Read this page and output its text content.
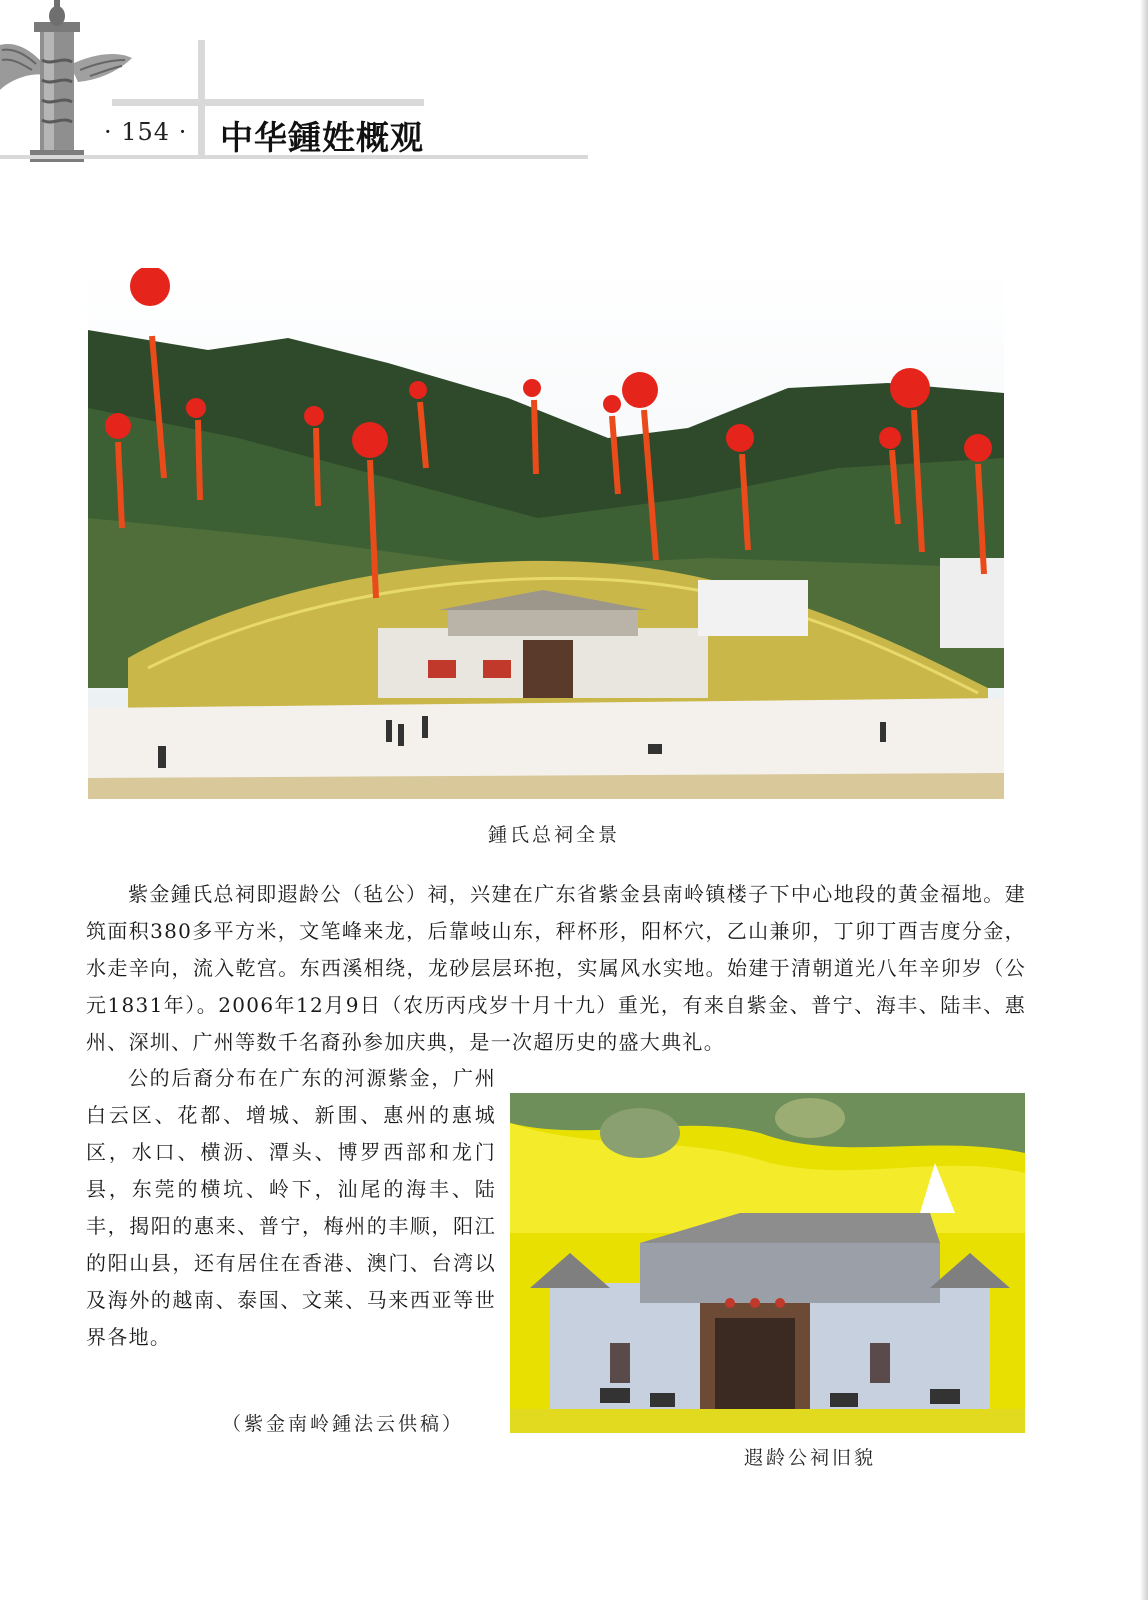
· 154 · 中华鍾姓概观
鍾氏总祠全景

紫金鍾氏总祠即遐龄公（毡公）祠，兴建在广东省紫金县南岭镇楼子下中心地段的黄金福地。建筑面积380多平方米，文笔峰来龙，后靠岐山东，秤杯形，阳杯穴，乙山兼卯，丁卯丁酉吉度分金，水走辛向，流入乾宫。东西溪相绕，龙砂层层环抱，实属风水实地。始建于清朝道光八年辛卯岁（公元1831年）。2006年12月9日（农历丙戌岁十月十九）重光，有来自紫金、普宁、海丰、陆丰、惠州、深圳、广州等数千名裔孙参加庆典，是一次超历史的盛大典礼。

公的后裔分布在广东的河源紫金，广州白云区、花都、增城、新围、惠州的惠城区，水口、横沥、潭头、博罗西部和龙门县，东莞的横坑、岭下，汕尾的海丰、陆丰，揭阳的惠来、普宁，梅州的丰顺，阳江的阳山县，还有居住在香港、澳门、台湾以及海外的越南、泰国、文莱、马来西亚等世界各地。

遐龄公祠旧貌
（紫金南岭鍾法云供稿）
